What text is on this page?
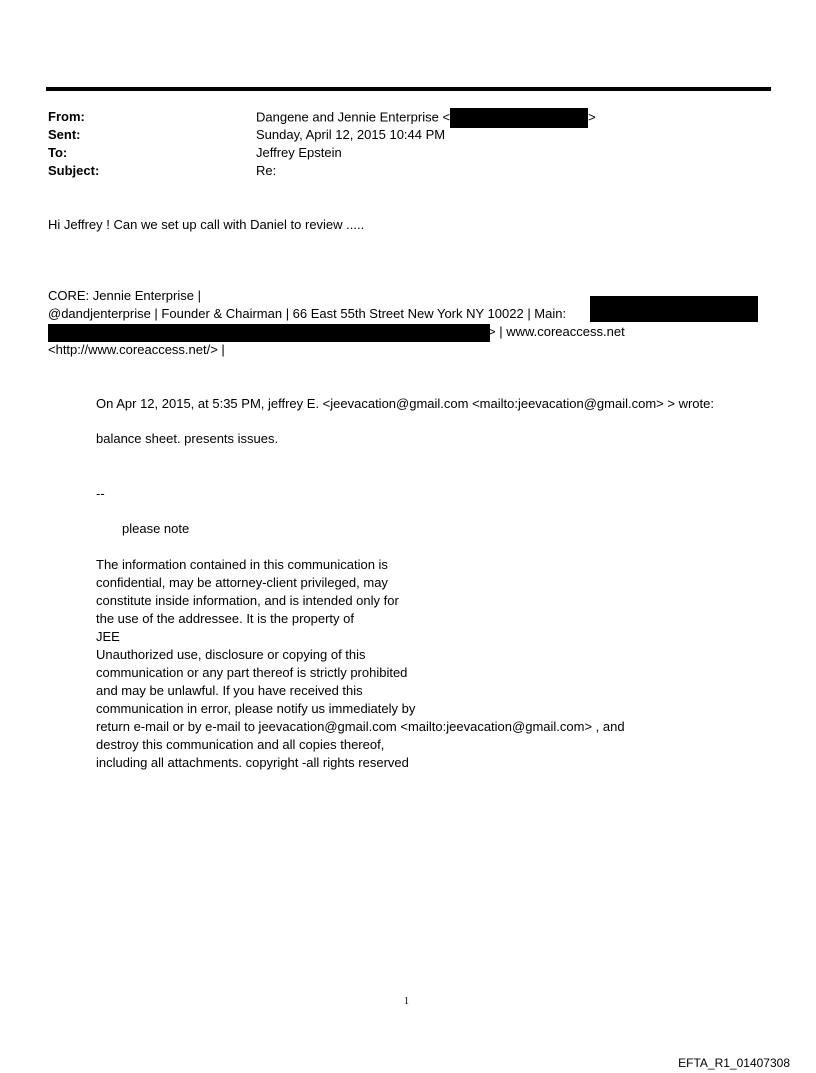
From:
Sent:
To:
Subject:
Dangene and Jennie Enterprise <	>
Sunday, April 12, 2015 10:44 PM
Jeffrey Epstein
Re:
Hi Jeffrey ! Can we set up call with Daniel to review .....
CORE: Jennie Enterprise |
@dandjenterprise | Founder & Chairman | 66 East 55th Street New York NY 10022 | Main:
> | www.coreaccess.net
<http://www.coreaccess.net/> |
On Apr 12, 2015, at 5:35 PM, jeffrey E. <jeevacation@gmail.com <mailto:jeevacation@gmail.com> > wrote:
balance sheet. presents issues.
--
please note
The information contained in this communication is
confidential, may be attorney-client privileged, may
constitute inside information, and is intended only for
the use of the addressee. It is the property of
JEE
Unauthorized use, disclosure or copying of this
communication or any part thereof is strictly prohibited
and may be unlawful. If you have received this
communication in error, please notify us immediately by
return e-mail or by e-mail to jeevacation@gmail.com <mailto:jeevacation@gmail.com> , and
destroy this communication and all copies thereof,
including all attachments. copyright -all rights reserved
1
EFTA_R1_01407308
